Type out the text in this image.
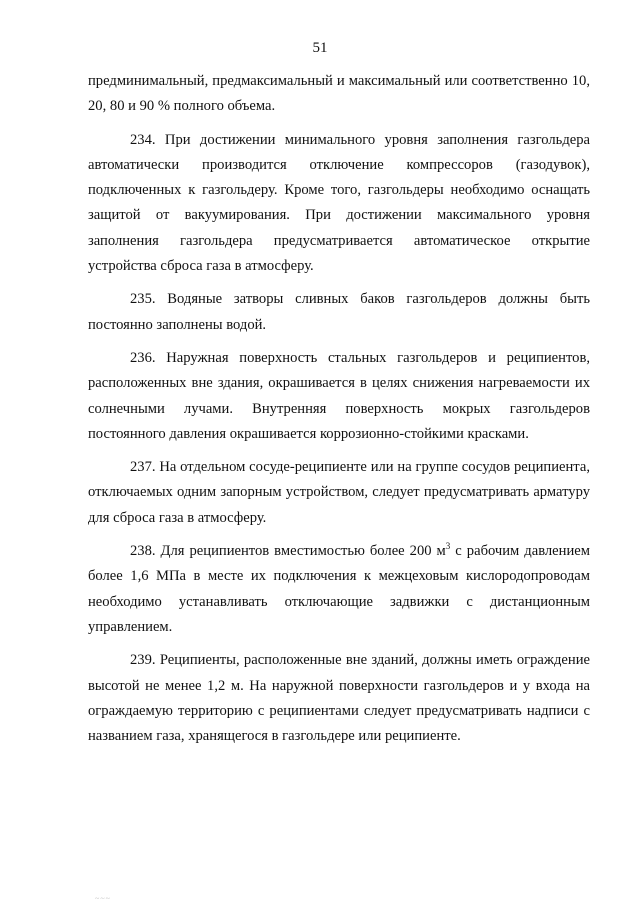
51

предминимальный, предмаксимальный и максимальный или соответственно 10, 20, 80 и 90 % полного объема.

234. При достижении минимального уровня заполнения газгольдера автоматически производится отключение компрессоров (газодувок), подключенных к газгольдеру. Кроме того, газгольдеры необходимо оснащать защитой от вакуумирования. При достижении максимального уровня заполнения газгольдера предусматривается автоматическое открытие устройства сброса газа в атмосферу.

235. Водяные затворы сливных баков газгольдеров должны быть постоянно заполнены водой.

236. Наружная поверхность стальных газгольдеров и реципиентов, расположенных вне здания, окрашивается в целях снижения нагреваемости их солнечными лучами. Внутренняя поверхность мокрых газгольдеров постоянного давления окрашивается коррозионно-стойкими красками.

237. На отдельном сосуде-реципиенте или на группе сосудов реципиента, отключаемых одним запорным устройством, следует предусматривать арматуру для сброса газа в атмосферу.

238. Для реципиентов вместимостью более 200 $м^3$ с рабочим давлением более 1,6 МПа в месте их подключения к межцеховым кислородопроводам необходимо устанавливать отключающие задвижки с дистанционным управлением.

239. Реципиенты, расположенные вне зданий, должны иметь ограждение высотой не менее 1,2 м. На наружной поверхности газгольдеров и у входа на ограждаемую территорию с реципиентами следует предусматривать надписи с названием газа, хранящегося в газгольдере или реципиенте.

~~~
